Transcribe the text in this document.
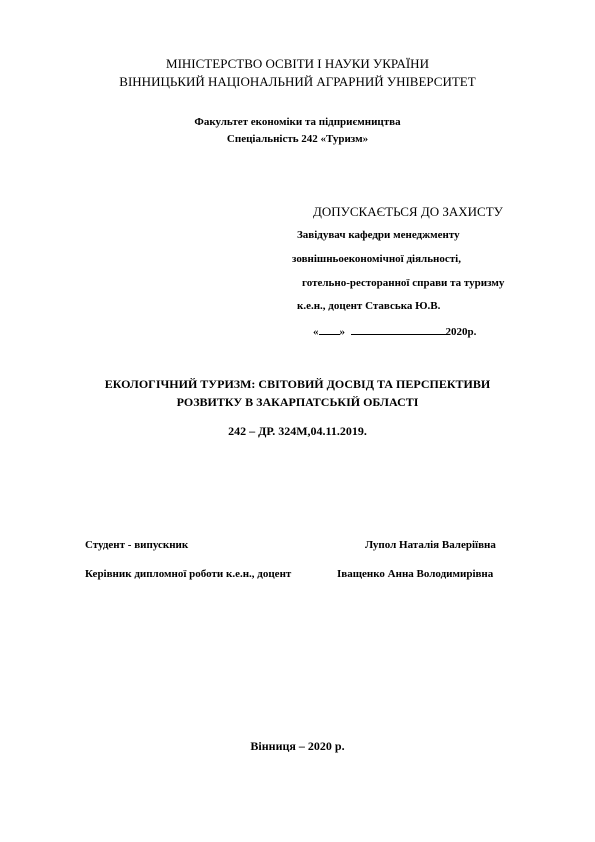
МІНІСТЕРСТВО ОСВІТИ І НАУКИ УКРАЇНИ
ВІННИЦЬКИЙ НАЦІОНАЛЬНИЙ АГРАРНИЙ УНІВЕРСИТЕТ
Факультет економіки та підприємництва
Спеціальність 242 «Туризм»
ДОПУСКАЄТЬСЯ ДО ЗАХИСТУ
Завідувач кафедри менеджменту
зовнішньоекономічної діяльності,
готельно-ресторанної справи та туризму
к.е.н., доцент Ставська Ю.В.
« »	2020р.
ЕКОЛОГІЧНИЙ ТУРИЗМ: СВІТОВИЙ ДОСВІД ТА ПЕРСПЕКТИВИ
РОЗВИТКУ В ЗАКАРПАТСЬКІЙ ОБЛАСТІ
242 – ДР. 324М,04.11.2019.
Студент - випускник	Лупол Наталія Валеріївна
Керівник дипломної роботи к.е.н., доцент	Іващенко Анна Володимирівна
Вінниця – 2020 р.
